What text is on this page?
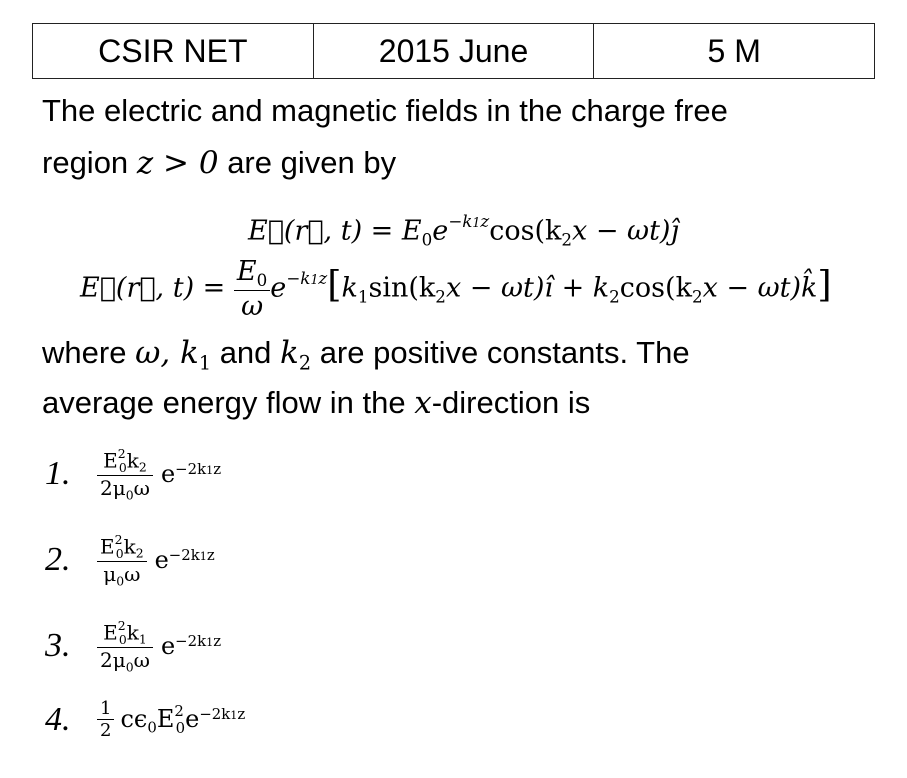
CSIR NET	2015 June	5 M
The electric and magnetic fields in the charge free
region z > 0 are given by
E⃗(r⃗, $t) = E_0e^{-k1z}\cos(k_2x$ − ωt)ĵ
E⃗(r⃗, $t) = \frac{E_0}{\omega} e^{-k1z}[k_1\sin(k_2x$ − ωt)î + $k_2\cos(k_2x$ − ωt)k̂]
where ω, $k_1$ and $k_2$ are positive constants. The
average energy flow in the x-direction is
1.	$\frac{E^2_0k_2}{2\mu_0\omega} e^{-2k1z}$
2.	$\frac{E^2_0k_2}{\mu_0\omega} e^{-2k1z}$
3.	$\frac{E^2_0k_1}{2\mu_0\omega} e^{-2k1z}$
4.	$\frac{1}{2} c\epsilon_0E^2_0e^{-2k1z}$
